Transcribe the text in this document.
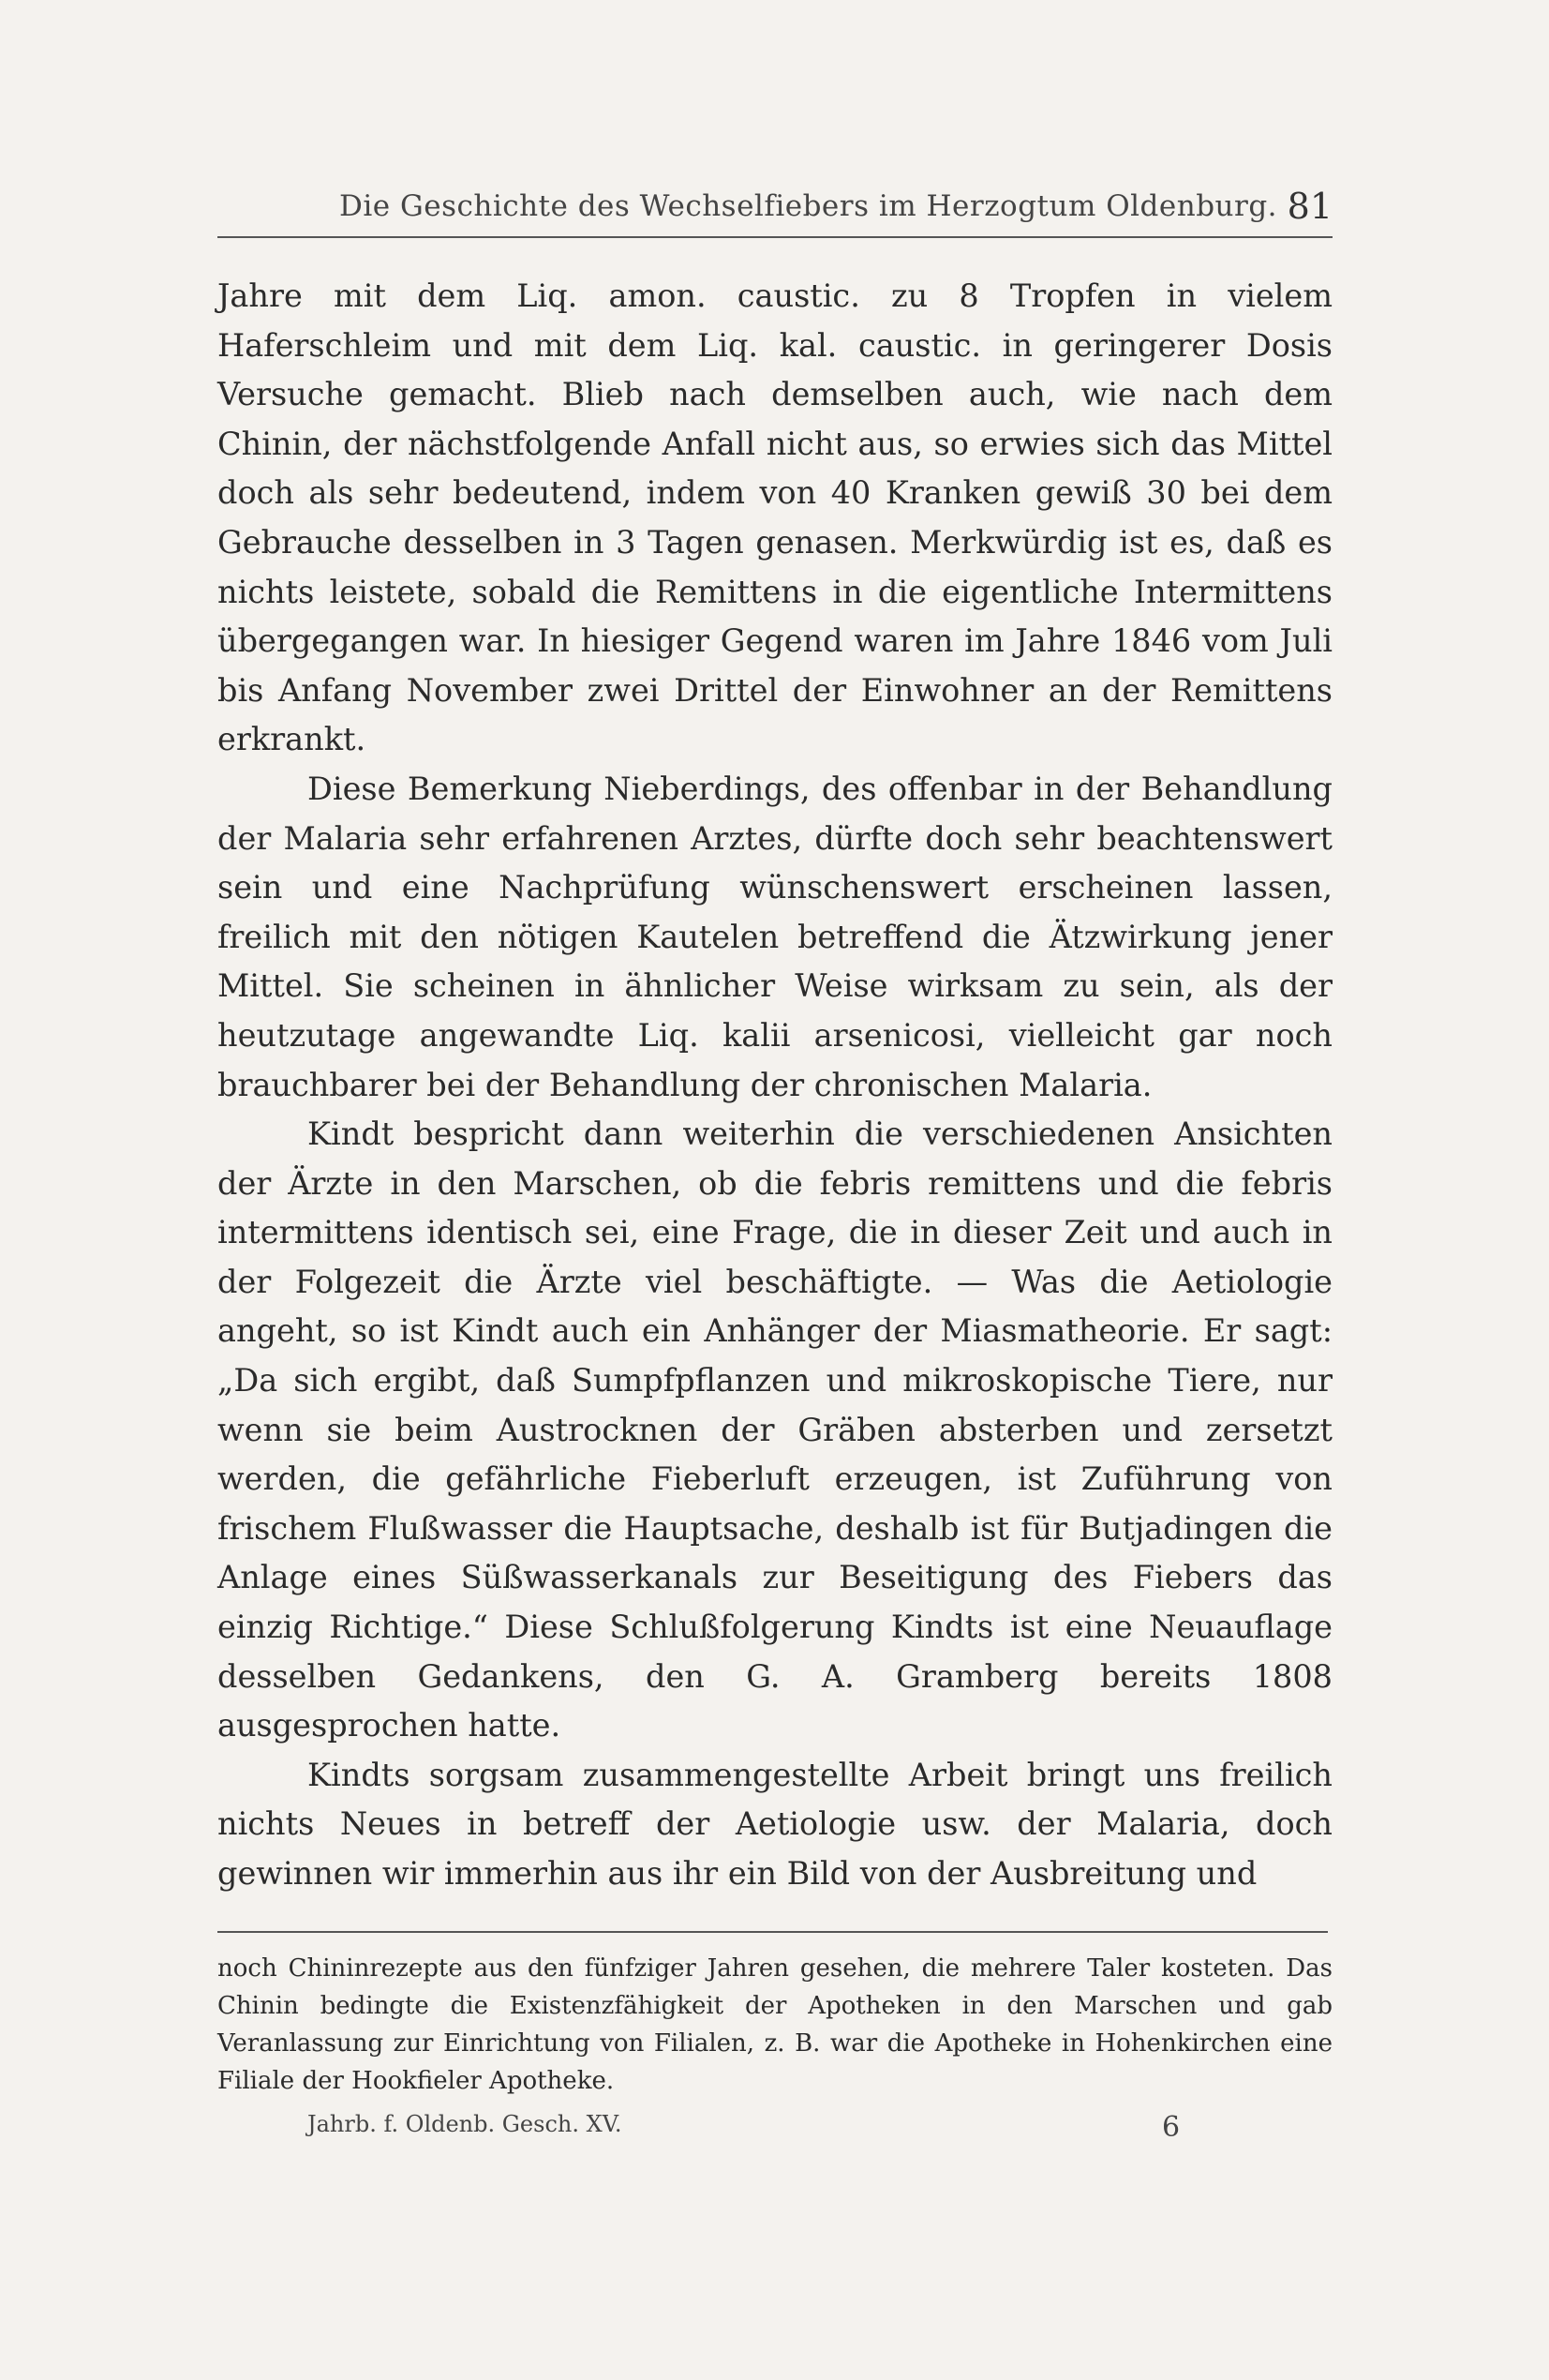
Die Geschichte des Wechselfiebers im Herzogtum Oldenburg. 81

Jahre mit dem Liq. amon. caustic. zu 8 Tropfen in vielem Haferschleim und mit dem Liq. kal. caustic. in geringerer Dosis Versuche gemacht. Blieb nach demselben auch, wie nach dem Chinin, der nächstfolgende Anfall nicht aus, so erwies sich das Mittel doch als sehr bedeutend, indem von 40 Kranken gewiß 30 bei dem Gebrauche desselben in 3 Tagen genasen. Merkwürdig ist es, daß es nichts leistete, sobald die Remittens in die eigentliche Intermittens übergegangen war. In hiesiger Gegend waren im Jahre 1846 vom Juli bis Anfang November zwei Drittel der Einwohner an der Remittens erkrankt.

Diese Bemerkung Nieberdings, des offenbar in der Behandlung der Malaria sehr erfahrenen Arztes, dürfte doch sehr beachtenswert sein und eine Nachprüfung wünschenswert erscheinen lassen, freilich mit den nötigen Kautelen betreffend die Ätzwirkung jener Mittel. Sie scheinen in ähnlicher Weise wirksam zu sein, als der heutzutage angewandte Liq. kalii arsenicosi, vielleicht gar noch brauchbarer bei der Behandlung der chronischen Malaria.

Kindt bespricht dann weiterhin die verschiedenen Ansichten der Ärzte in den Marschen, ob die febris remittens und die febris intermittens identisch sei, eine Frage, die in dieser Zeit und auch in der Folgezeit die Ärzte viel beschäftigte. — Was die Aetiologie angeht, so ist Kindt auch ein Anhänger der Miasmatheorie. Er sagt: „Da sich ergibt, daß Sumpfpflanzen und mikroskopische Tiere, nur wenn sie beim Austrocknen der Gräben absterben und zersetzt werden, die gefährliche Fieberluft erzeugen, ist Zuführung von frischem Flußwasser die Hauptsache, deshalb ist für Butjadingen die Anlage eines Süßwasserkanals zur Beseitigung des Fiebers das einzig Richtige.“ Diese Schlußfolgerung Kindts ist eine Neuauflage desselben Gedankens, den G. A. Gramberg bereits 1808 ausgesprochen hatte.

Kindts sorgsam zusammengestellte Arbeit bringt uns freilich nichts Neues in betreff der Aetiologie usw. der Malaria, doch gewinnen wir immerhin aus ihr ein Bild von der Ausbreitung und

noch Chininrezepte aus den fünfziger Jahren gesehen, die mehrere Taler kosteten. Das Chinin bedingte die Existenzfähigkeit der Apotheken in den Marschen und gab Veranlassung zur Einrichtung von Filialen, z. B. war die Apotheke in Hohenkirchen eine Filiale der Hookfieler Apotheke.

Jahrb. f. Oldenb. Gesch. XV.	6
